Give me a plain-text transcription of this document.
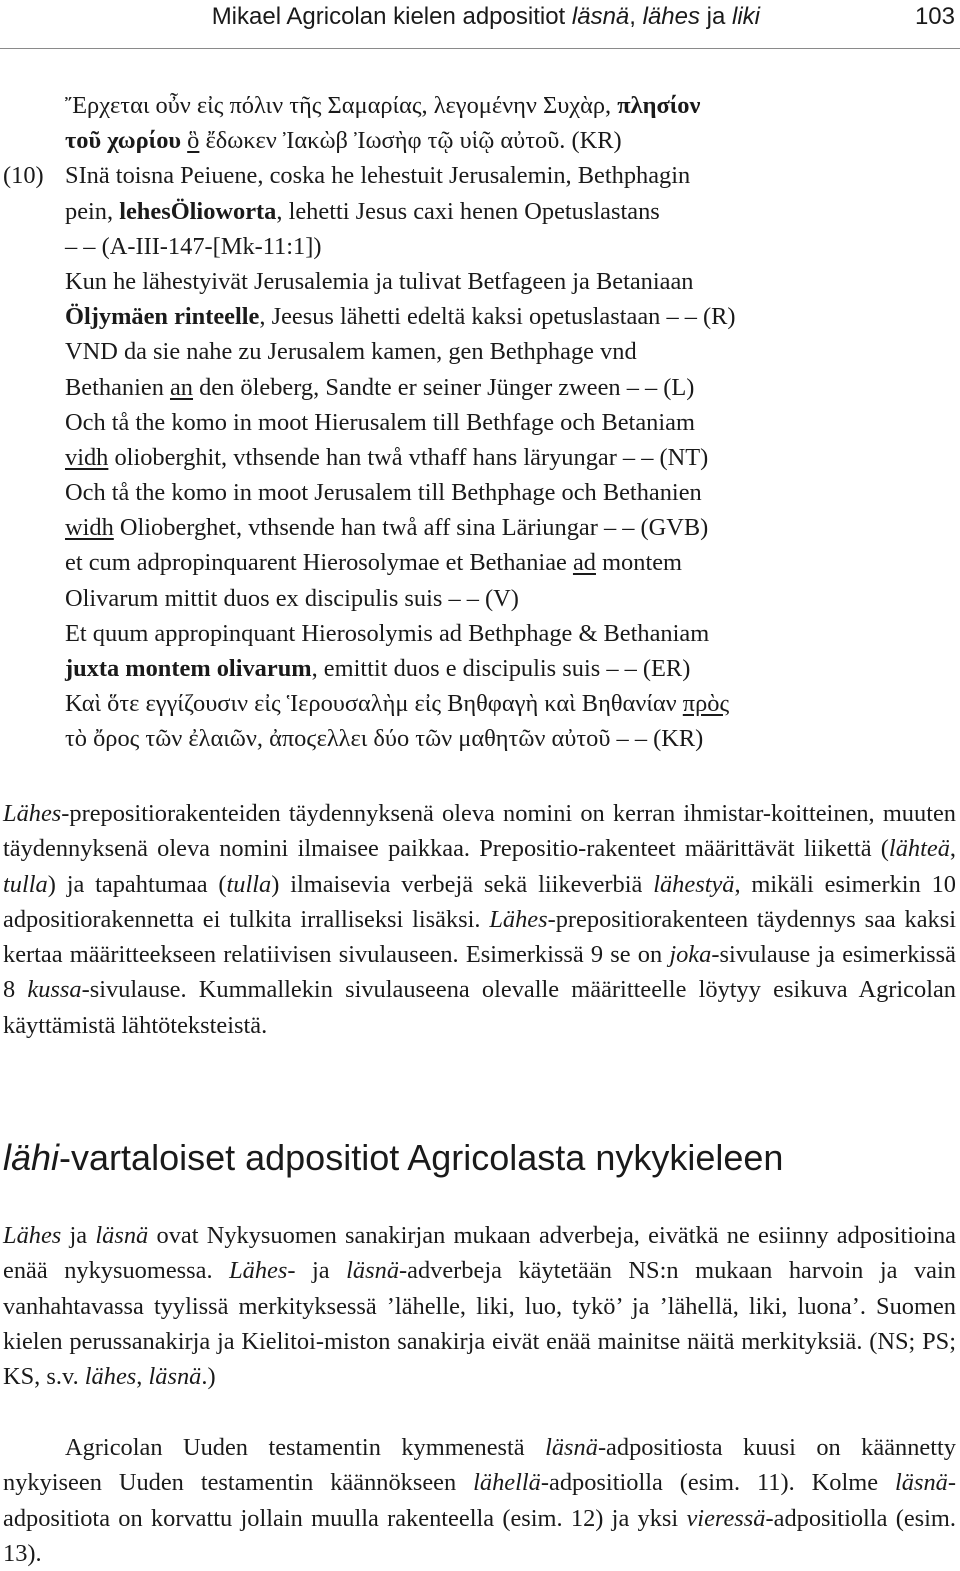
Mikael Agricolan kielen adpositiot läsnä, lähes ja liki	103
Ἔρχεται οὖν εἰς πόλιν τῆς Σαμαρίας, λεγομένην Συχὰρ, πλησίον
τοῦ χωρίου ὃ ἔδωκεν Ἰακὼβ Ἰωσὴφ τῷ υἱῷ αὐτοῦ. (KR)
(10) SInä toisna Peiuene, coska he lehestuit Jerusalemin, Bethphagin
pein, lehesÖlioworta, lehetti Jesus caxi henen Opetuslastans
– – (A-III-147-[Mk-11:1])
Kun he lähestyivät Jerusalemia ja tulivat Betfageen ja Betaniaan
Öljymäen rinteelle, Jeesus lähetti edeltä kaksi opetuslastaan – – (R)
VND da sie nahe zu Jerusalem kamen, gen Bethphage vnd
Bethanien an den öleberg, Sandte er seiner Jünger zween – – (L)
Och tå the komo in moot Hierusalem till Bethfage och Betaniam
vidh olioberghit, vthsende han twå vthaff hans läryungar – – (NT)
Och tå the komo in moot Jerusalem till Bethphage och Bethanien
widh Olioberghet, vthsende han twå aff sina Läriungar – – (GVB)
et cum adpropinquarent Hierosolymae et Bethaniae ad montem
Olivarum mittit duos ex discipulis suis – – (V)
Et quum appropinquant Hierosolymis ad Bethphage & Bethaniam
juxta montem olivarum, emittit duos e discipulis suis – – (ER)
Καὶ ὅτε εγγίζουσιν εἰς Ἱερουσαλὴμ εἰς Βηθφαγὴ καὶ Βηθανίαν πρὸς
τὸ ὄρος τῶν ἐλαιῶν, ἀποϛελλει δύο τῶν μαθητῶν αὐτοῦ – – (KR)

Lähes-prepositiorakenteiden täydennyksenä oleva nomini on kerran ihmistar-koitteinen, muuten täydennyksenä oleva nomini ilmaisee paikkaa. Prepositio-rakenteet määrittävät liikettä (lähteä, tulla) ja tapahtumaa (tulla) ilmaisevia verbejä sekä liikeverbiä lähestyä, mikäli esimerkin 10 adpositiorakennetta ei tulkita irralliseksi lisäksi. Lähes-prepositiorakenteen täydennys saa kaksi kertaa määritteekseen relatiivisen sivulauseen. Esimerkissä 9 se on joka-sivulause ja esimerkissä 8 kussa-sivulause. Kummallekin sivulauseena olevalle määritteelle löytyy esikuva Agricolan käyttämistä lähtöteksteistä.

lähi-vartaloiset adpositiot Agricolasta nykykieleen

Lähes ja läsnä ovat Nykysuomen sanakirjan mukaan adverbeja, eivätkä ne esiinny adpositioina enää nykysuomessa. Lähes- ja läsnä-adverbeja käytetään NS:n mukaan harvoin ja vain vanhahtavassa tyylissä merkityksessä ’lähelle, liki, luo, tykö’ ja ’lähellä, liki, luona’. Suomen kielen perussanakirja ja Kielitoi-miston sanakirja eivät enää mainitse näitä merkityksiä. (NS; PS; KS, s.v. lähes, läsnä.)

Agricolan Uuden testamentin kymmenestä läsnä-adpositiosta kuusi on käännetty nykyiseen Uuden testamentin käännökseen lähellä-adpositiolla (esim. 11). Kolme läsnä-adpositiota on korvattu jollain muulla rakenteella (esim. 12) ja yksi vieressä-adpositiolla (esim. 13).
